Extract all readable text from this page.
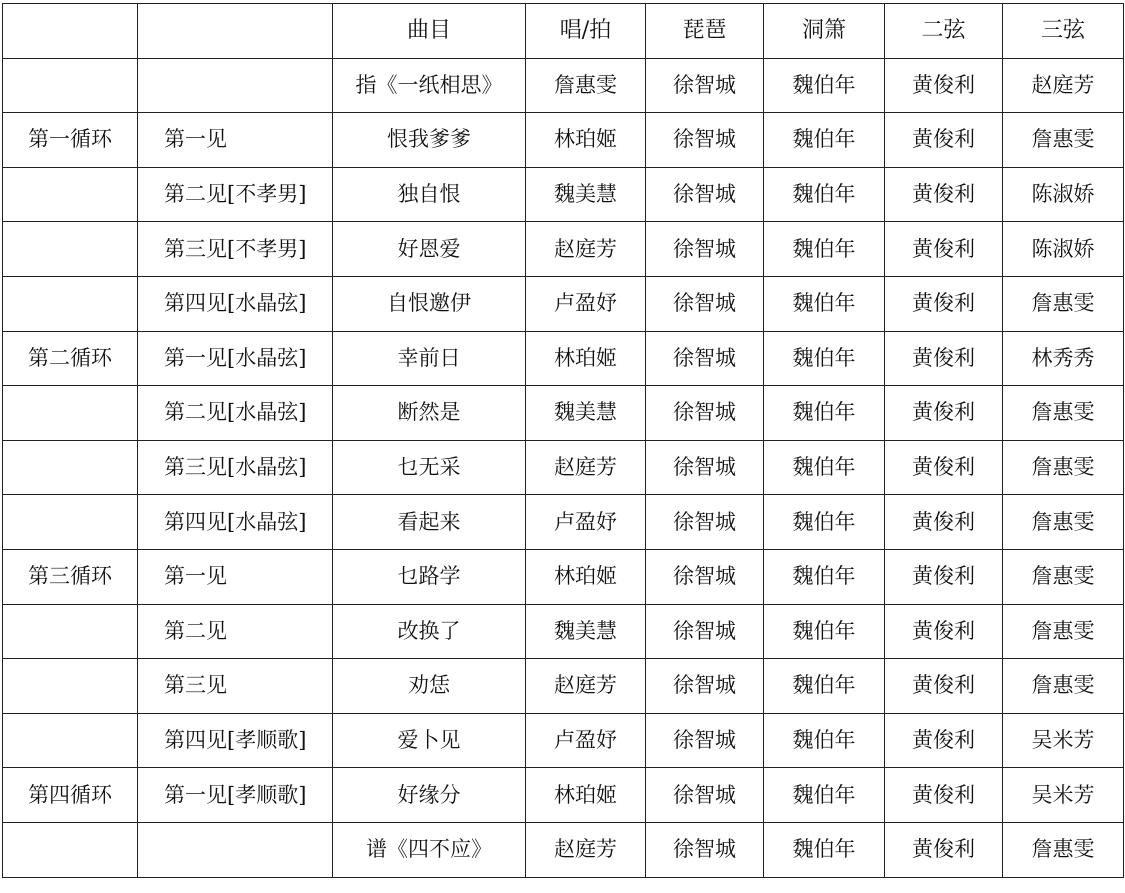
		曲目	唱/拍	琵琶	洞箫	二弦	三弦
		指《一纸相思》	詹惠雯	徐智城	魏伯年	黄俊利	赵庭芳
第一循环	第一见	恨我爹爹	林珀姬	徐智城	魏伯年	黄俊利	詹惠雯
	第二见[不孝男]	独自恨	魏美慧	徐智城	魏伯年	黄俊利	陈淑娇
	第三见[不孝男]	好恩爱	赵庭芳	徐智城	魏伯年	黄俊利	陈淑娇
	第四见[水晶弦]	自恨邀伊	卢盈妤	徐智城	魏伯年	黄俊利	詹惠雯
第二循环	第一见[水晶弦]	幸前日	林珀姬	徐智城	魏伯年	黄俊利	林秀秀
	第二见[水晶弦]	断然是	魏美慧	徐智城	魏伯年	黄俊利	詹惠雯
	第三见[水晶弦]	乜无采	赵庭芳	徐智城	魏伯年	黄俊利	詹惠雯
	第四见[水晶弦]	看起来	卢盈妤	徐智城	魏伯年	黄俊利	詹惠雯
第三循环	第一见	乜路学	林珀姬	徐智城	魏伯年	黄俊利	詹惠雯
	第二见	改换了	魏美慧	徐智城	魏伯年	黄俊利	詹惠雯
	第三见	劝恁	赵庭芳	徐智城	魏伯年	黄俊利	詹惠雯
	第四见[孝顺歌]	爱卜见	卢盈妤	徐智城	魏伯年	黄俊利	吴米芳
第四循环	第一见[孝顺歌]	好缘分	林珀姬	徐智城	魏伯年	黄俊利	吴米芳
		谱《四不应》	赵庭芳	徐智城	魏伯年	黄俊利	詹惠雯
